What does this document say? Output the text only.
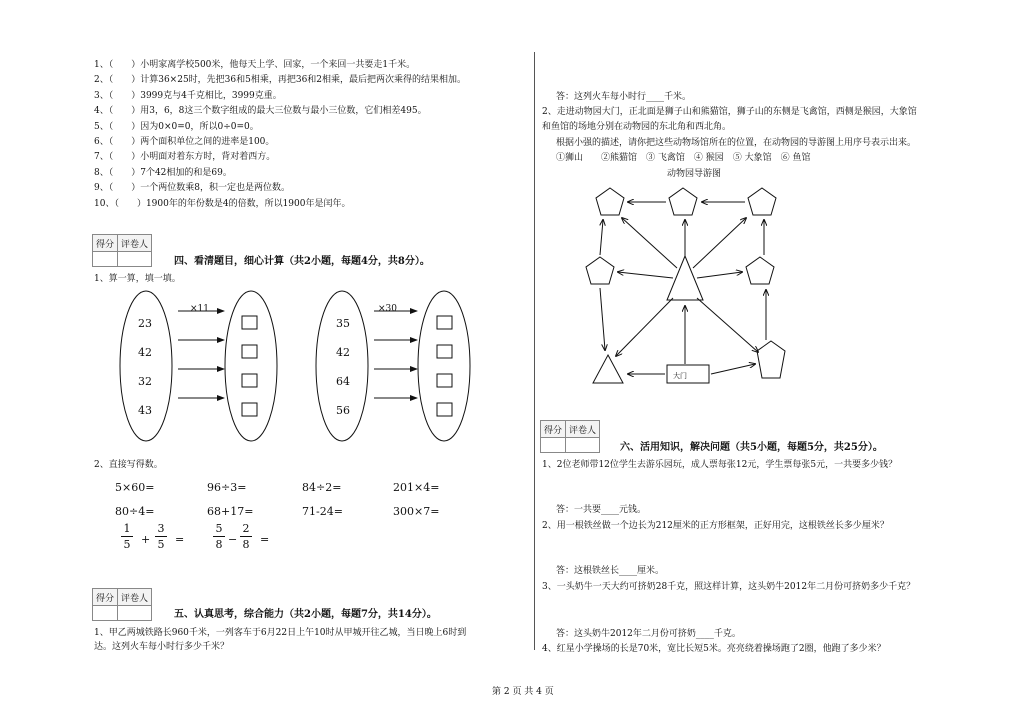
1、（　　）小明家离学校500米，他每天上学、回家，一个来回一共要走1千米。
2、（　　）计算36×25时，先把36和5相乘，再把36和2相乘，最后把两次乘得的结果相加。
3、（　　）3999克与4千克相比，3999克重。
4、（　　）用3，6，8这三个数字组成的最大三位数与最小三位数，它们相差495。
5、（　　）因为0×0=0，所以0÷0=0。
6、（　　）两个面积单位之间的进率是100。
7、（　　）小明面对着东方时，背对着西方。
8、（　　）7个42相加的和是69。
9、（　　）一个两位数乘8，积一定也是两位数。
10、（　　）1900年的年份数是4的倍数，所以1900年是闰年。
得分	评卷人

四、看清题目，细心计算（共2小题，每题4分，共8分）。
1、算一算，填一填。
×11
23
42
32
43
×30
35
42
64
56
2、直接写得数。
5×60=	96÷3=	84÷2=	201×4=
80÷4=	68+17=	71-24=	300×7=
1
5 +
3
5 =
5
8 −
2
8 =
得分	评卷人

五、认真思考，综合能力（共2小题，每题7分，共14分）。
1、甲乙两城铁路长960千米，一列客车于6月22日上午10时从甲城开往乙城，当日晚上6时到
达。这列火车每小时行多少千米？
答：这列火车每小时行____千米。
2、走进动物园大门，正北面是狮子山和熊猫馆，狮子山的东侧是飞禽馆，西侧是猴园，大象馆
和鱼馆的场地分别在动物园的东北角和西北角。
根据小强的描述，请你把这些动物场馆所在的位置，在动物园的导游图上用序号表示出来。
①狮山　　②熊猫馆　③ 飞禽馆　④ 猴园　⑤ 大象馆　⑥ 鱼馆
动物园导游图
大门
得分	评卷人

六、活用知识，解决问题（共5小题，每题5分，共25分）。
1、2位老师带12位学生去游乐园玩，成人票每张12元，学生票每张5元，一共要多少钱？
答：一共要____元钱。
2、用一根铁丝做一个边长为212厘米的正方形框架，正好用完，这根铁丝长多少厘米？
答：这根铁丝长____厘米。
3、一头奶牛一天大约可挤奶28千克，照这样计算，这头奶牛2012年二月份可挤奶多少千克？
答：这头奶牛2012年二月份可挤奶____千克。
4、红星小学操场的长是70米，宽比长短5米。亮亮绕着操场跑了2圈，他跑了多少米？
第 2 页 共 4 页
